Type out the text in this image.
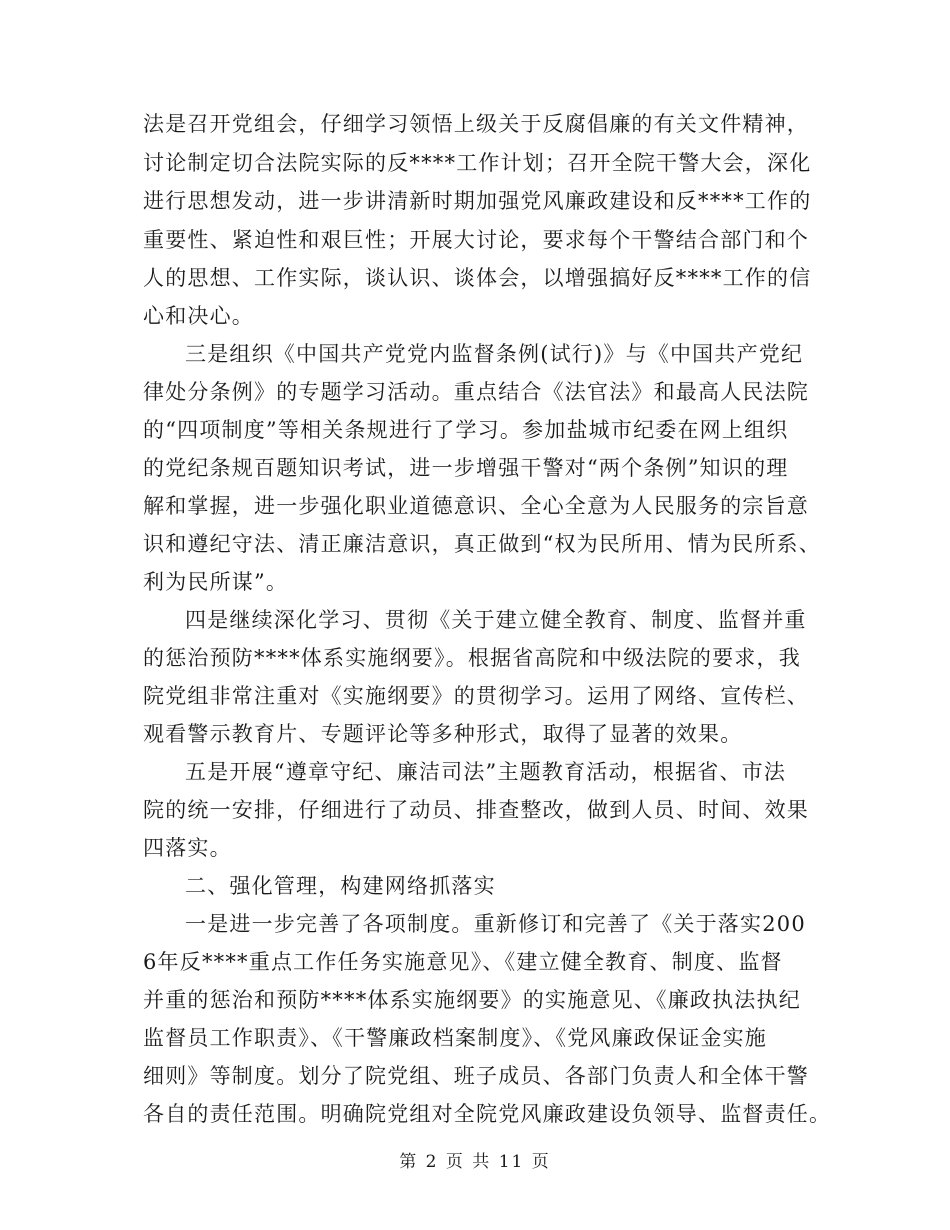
法是召开党组会，仔细学习领悟上级关于反腐倡廉的有关文件精神，
讨论制定切合法院实际的反****工作计划；召开全院干警大会，深化
进行思想发动，进一步讲清新时期加强党风廉政建设和反****工作的
重要性、紧迫性和艰巨性；开展大讨论，要求每个干警结合部门和个
人的思想、工作实际，谈认识、谈体会，以增强搞好反****工作的信
心和决心。
三是组织《中国共产党党内监督条例(试行)》与《中国共产党纪
律处分条例》的专题学习活动。重点结合《法官法》和最高人民法院
的“四项制度”等相关条规进行了学习。参加盐城市纪委在网上组织
的党纪条规百题知识考试，进一步增强干警对“两个条例”知识的理
解和掌握，进一步强化职业道德意识、全心全意为人民服务的宗旨意
识和遵纪守法、清正廉洁意识，真正做到“权为民所用、情为民所系、
利为民所谋”。
四是继续深化学习、贯彻《关于建立健全教育、制度、监督并重
的惩治预防****体系实施纲要》。根据省高院和中级法院的要求，我
院党组非常注重对《实施纲要》的贯彻学习。运用了网络、宣传栏、
观看警示教育片、专题评论等多种形式，取得了显著的效果。
五是开展“遵章守纪、廉洁司法”主题教育活动，根据省、市法
院的统一安排，仔细进行了动员、排查整改，做到人员、时间、效果
四落实。
二、强化管理，构建网络抓落实
一是进一步完善了各项制度。重新修订和完善了《关于落实200
6年反****重点工作任务实施意见》、《建立健全教育、制度、监督
并重的惩治和预防****体系实施纲要》的实施意见、《廉政执法执纪
监督员工作职责》、《干警廉政档案制度》、《党风廉政保证金实施
细则》等制度。划分了院党组、班子成员、各部门负责人和全体干警
各自的责任范围。明确院党组对全院党风廉政建设负领导、监督责任。
第 2 页 共 11 页
